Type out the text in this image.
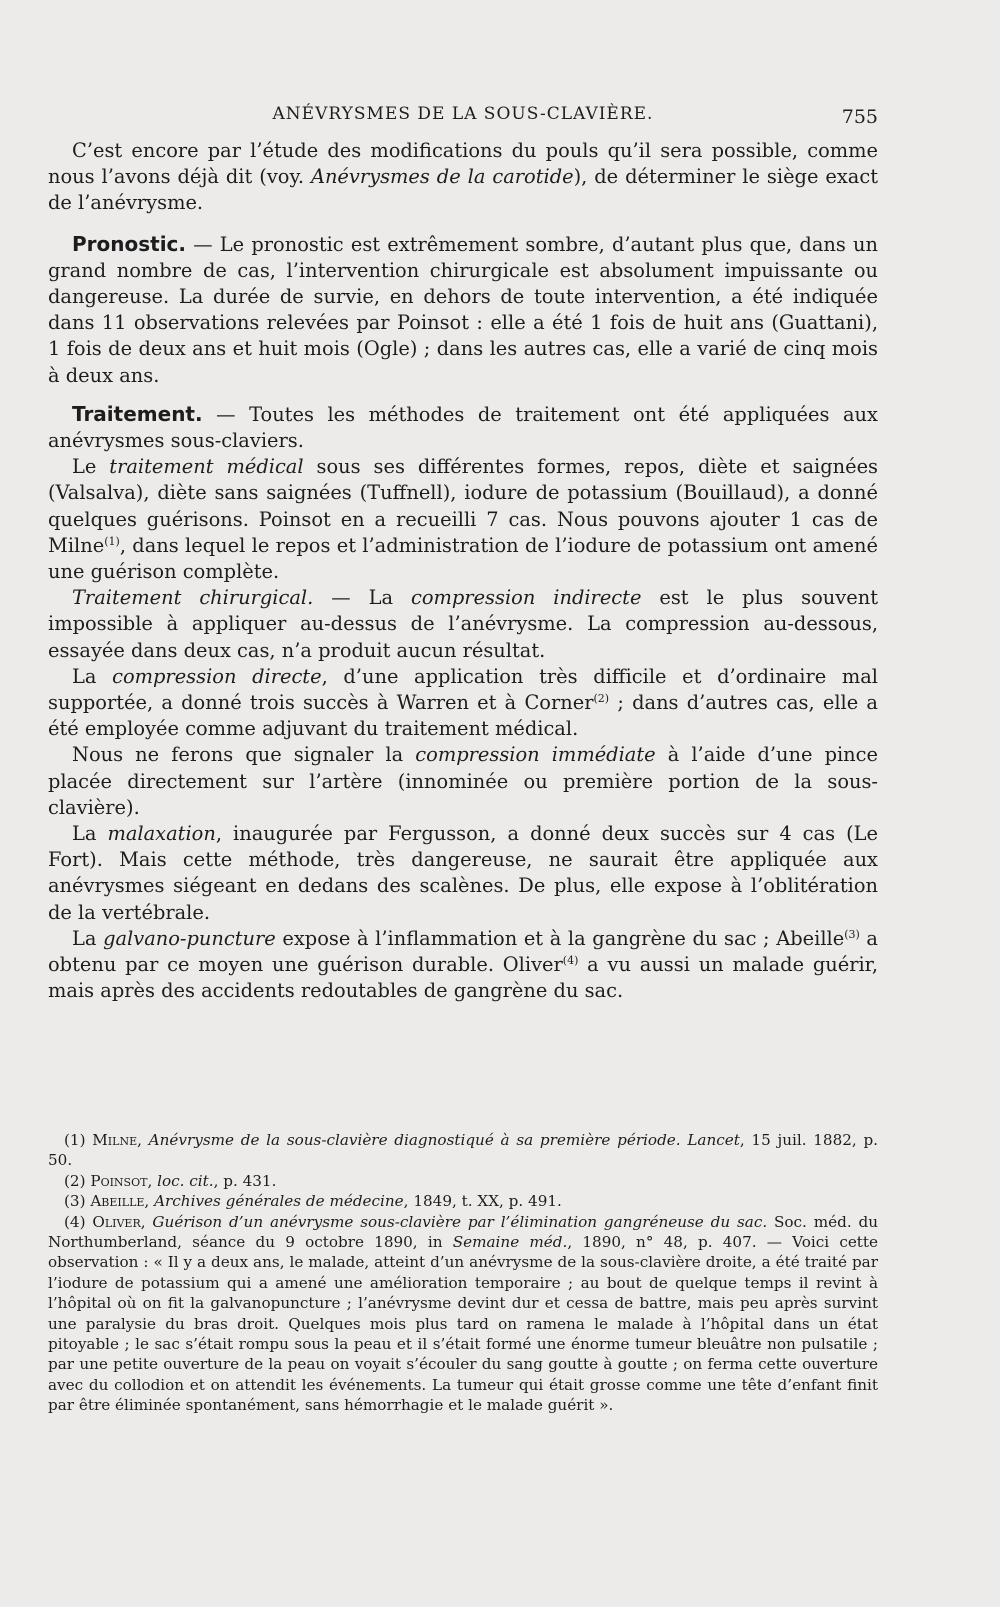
ANÉVRYSMES DE LA SOUS-CLAVIÈRE.	755

C’est encore par l’étude des modifications du pouls qu’il sera possible, comme nous l’avons déjà dit (voy. Anévrysmes de la carotide), de déterminer le siège exact de l’anévrysme.

Pronostic. — Le pronostic est extrêmement sombre, d’autant plus que, dans un grand nombre de cas, l’intervention chirurgicale est absolument impuissante ou dangereuse. La durée de survie, en dehors de toute intervention, a été indiquée dans 11 observations relevées par Poinsot : elle a été 1 fois de huit ans (Guattani), 1 fois de deux ans et huit mois (Ogle) ; dans les autres cas, elle a varié de cinq mois à deux ans.

Traitement. — Toutes les méthodes de traitement ont été appliquées aux anévrysmes sous-claviers.

Le traitement médical sous ses différentes formes, repos, diète et saignées (Valsalva), diète sans saignées (Tuffnell), iodure de potassium (Bouillaud), a donné quelques guérisons. Poinsot en a recueilli 7 cas. Nous pouvons ajouter 1 cas de Milne$^{(1)}$, dans lequel le repos et l’administration de l’iodure de potassium ont amené une guérison complète.

Traitement chirurgical. — La compression indirecte est le plus souvent impossible à appliquer au-dessus de l’anévrysme. La compression au-dessous, essayée dans deux cas, n’a produit aucun résultat.

La compression directe, d’une application très difficile et d’ordinaire mal supportée, a donné trois succès à Warren et à Corner$^{(2)}$ ; dans d’autres cas, elle a été employée comme adjuvant du traitement médical.

Nous ne ferons que signaler la compression immédiate à l’aide d’une pince placée directement sur l’artère (innominée ou première portion de la sous-clavière).

La malaxation, inaugurée par Fergusson, a donné deux succès sur 4 cas (Le Fort). Mais cette méthode, très dangereuse, ne saurait être appliquée aux anévrysmes siégeant en dedans des scalènes. De plus, elle expose à l’oblitération de la vertébrale.

La galvano-puncture expose à l’inflammation et à la gangrène du sac ; Abeille$^{(3)}$ a obtenu par ce moyen une guérison durable. Oliver$^{(4)}$ a vu aussi un malade guérir, mais après des accidents redoutables de gangrène du sac.

(1) Milne, Anévrysme de la sous-clavière diagnostiqué à sa première période. Lancet, 15 juil. 1882, p. 50.

(2) Poinsot, loc. cit., p. 431.

(3) Abeille, Archives générales de médecine, 1849, t. XX, p. 491.

(4) Oliver, Guérison d’un anévrysme sous-clavière par l’élimination gangréneuse du sac. Soc. méd. du Northumberland, séance du 9 octobre 1890, in Semaine méd., 1890, n° 48, p. 407. — Voici cette observation : « Il y a deux ans, le malade, atteint d’un anévrysme de la sous-clavière droite, a été traité par l’iodure de potassium qui a amené une amélioration temporaire ; au bout de quelque temps il revint à l’hôpital où on fit la galvanopuncture ; l’anévrysme devint dur et cessa de battre, mais peu après survint une paralysie du bras droit. Quelques mois plus tard on ramena le malade à l’hôpital dans un état pitoyable ; le sac s’était rompu sous la peau et il s’était formé une énorme tumeur bleuâtre non pulsatile ; par une petite ouverture de la peau on voyait s’écouler du sang goutte à goutte ; on ferma cette ouverture avec du collodion et on attendit les événements. La tumeur qui était grosse comme une tête d’enfant finit par être éliminée spontanément, sans hémorrhagie et le malade guérit ».
